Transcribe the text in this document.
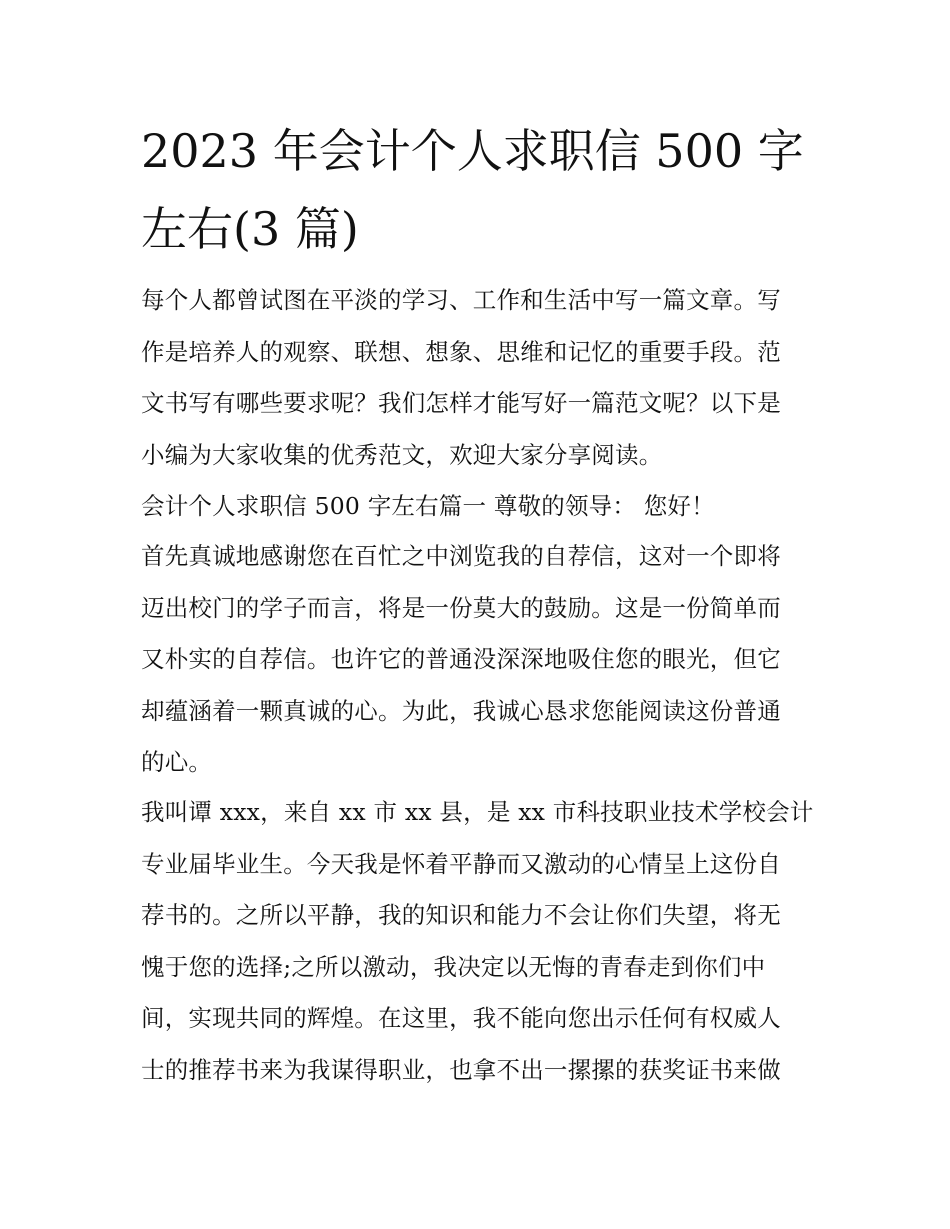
2023 年会计个人求职信 500 字
左右(3 篇)
每个人都曾试图在平淡的学习、工作和生活中写一篇文章。写
作是培养人的观察、联想、想象、思维和记忆的重要手段。范
文书写有哪些要求呢？我们怎样才能写好一篇范文呢？以下是
小编为大家收集的优秀范文，欢迎大家分享阅读。
会计个人求职信 500 字左右篇一 尊敬的领导： 您好！
首先真诚地感谢您在百忙之中浏览我的自荐信，这对一个即将
迈出校门的学子而言，将是一份莫大的鼓励。这是一份简单而
又朴实的自荐信。也许它的普通没深深地吸住您的眼光，但它
却蕴涵着一颗真诚的心。为此，我诚心恳求您能阅读这份普通
的心。
我叫谭 xxx，来自 xx 市 xx 县，是 xx 市科技职业技术学校会计
专业届毕业生。今天我是怀着平静而又激动的心情呈上这份自
荐书的。之所以平静，我的知识和能力不会让你们失望，将无
愧于您的选择;之所以激动，我决定以无悔的青春走到你们中
间，实现共同的辉煌。在这里，我不能向您出示任何有权威人
士的推荐书来为我谋得职业，也拿不出一摞摞的获奖证书来做
